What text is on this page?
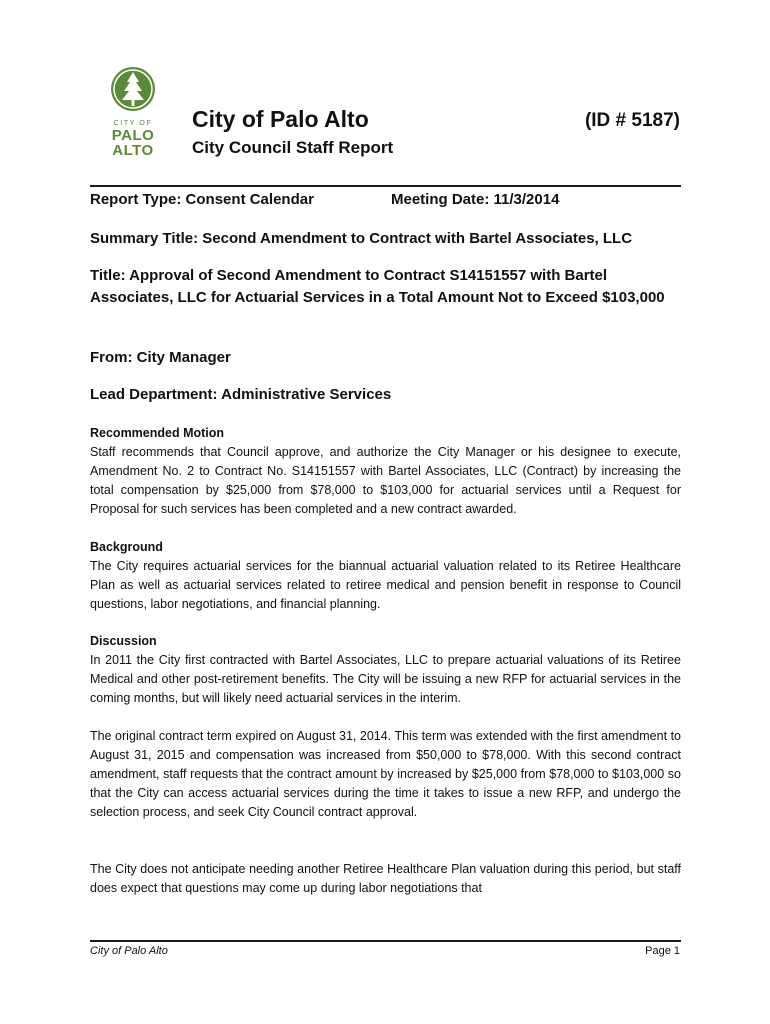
CITY OF
PALO
ALTO
City of Palo Alto	(ID # 5187)
City Council Staff Report
Report Type: Consent Calendar	Meeting Date: 11/3/2014
Summary Title: Second Amendment to Contract with Bartel Associates, LLC
Title: Approval of Second Amendment to Contract S14151557 with Bartel Associates, LLC for Actuarial Services in a Total Amount Not to Exceed $103,000
From: City Manager
Lead Department: Administrative Services
Recommended Motion
Staff recommends that Council approve, and authorize the City Manager or his designee to execute, Amendment No. 2 to Contract No. S14151557 with Bartel Associates, LLC (Contract) by increasing the total compensation by $25,000 from $78,000 to $103,000 for actuarial services until a Request for Proposal for such services has been completed and a new contract awarded.
Background
The City requires actuarial services for the biannual actuarial valuation related to its Retiree Healthcare Plan as well as actuarial services related to retiree medical and pension benefit in response to Council questions, labor negotiations, and financial planning.
Discussion
In 2011 the City first contracted with Bartel Associates, LLC to prepare actuarial valuations of its Retiree Medical and other post-retirement benefits. The City will be issuing a new RFP for actuarial services in the coming months, but will likely need actuarial services in the interim.
The original contract term expired on August 31, 2014. This term was extended with the first amendment to August 31, 2015 and compensation was increased from $50,000 to $78,000. With this second contract amendment, staff requests that the contract amount by increased by $25,000 from $78,000 to $103,000 so that the City can access actuarial services during the time it takes to issue a new RFP, and undergo the selection process, and seek City Council contract approval.
The City does not anticipate needing another Retiree Healthcare Plan valuation during this period, but staff does expect that questions may come up during labor negotiations that
City of Palo Alto	Page 1
